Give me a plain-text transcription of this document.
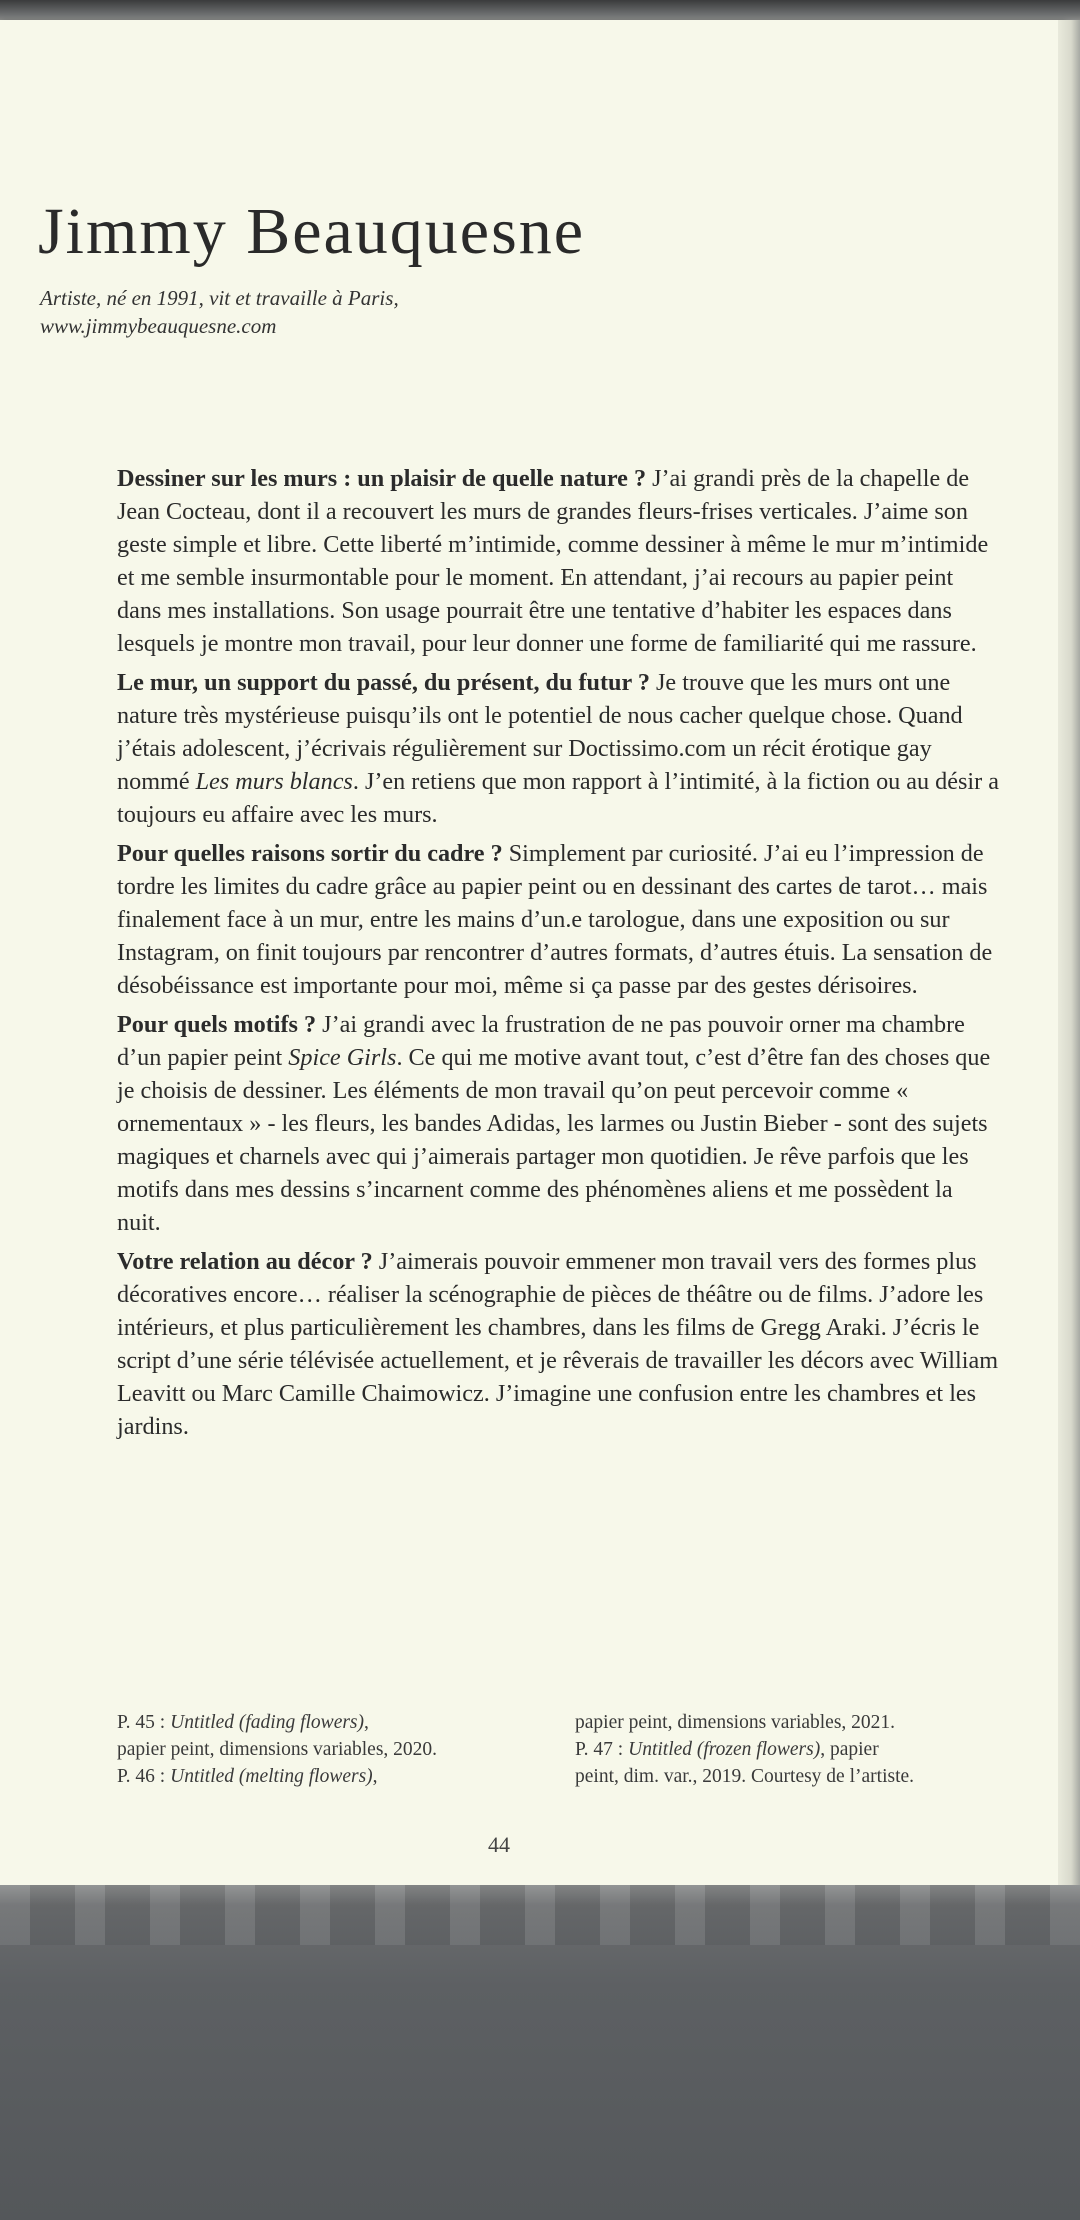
Jimmy Beauquesne
Artiste, né en 1991, vit et travaille à Paris,
www.jimmybeauquesne.com

Dessiner sur les murs : un plaisir de quelle nature ? J’ai grandi près de la chapelle de Jean Cocteau, dont il a recouvert les murs de grandes fleurs-frises verticales. J’aime son geste simple et libre. Cette liberté m’intimide, comme dessiner à même le mur m’intimide et me semble insurmontable pour le moment. En attendant, j’ai recours au papier peint dans mes installations. Son usage pourrait être une tentative d’habiter les espaces dans lesquels je montre mon travail, pour leur donner une forme de familiarité qui me rassure.

Le mur, un support du passé, du présent, du futur ? Je trouve que les murs ont une nature très mystérieuse puisqu’ils ont le potentiel de nous cacher quelque chose. Quand j’étais adolescent, j’écrivais régulièrement sur Doctissimo.com un récit érotique gay nommé Les murs blancs. J’en retiens que mon rapport à l’intimité, à la fiction ou au désir a toujours eu affaire avec les murs.

Pour quelles raisons sortir du cadre ? Simplement par curiosité. J’ai eu l’impression de tordre les limites du cadre grâce au papier peint ou en dessinant des cartes de tarot… mais finalement face à un mur, entre les mains d’un.e tarologue, dans une exposition ou sur Instagram, on finit toujours par rencontrer d’autres formats, d’autres étuis. La sensation de désobéissance est importante pour moi, même si ça passe par des gestes dérisoires.

Pour quels motifs ? J’ai grandi avec la frustration de ne pas pouvoir orner ma chambre d’un papier peint Spice Girls. Ce qui me motive avant tout, c’est d’être fan des choses que je choisis de dessiner. Les éléments de mon travail qu’on peut percevoir comme « ornementaux » - les fleurs, les bandes Adidas, les larmes ou Justin Bieber - sont des sujets magiques et charnels avec qui j’aimerais partager mon quotidien. Je rêve parfois que les motifs dans mes dessins s’incarnent comme des phénomènes aliens et me possèdent la nuit.

Votre relation au décor ? J’aimerais pouvoir emmener mon travail vers des formes plus décoratives encore… réaliser la scénographie de pièces de théâtre ou de films. J’adore les intérieurs, et plus particulièrement les chambres, dans les films de Gregg Araki. J’écris le script d’une série télévisée actuellement, et je rêverais de travailler les décors avec William Leavitt ou Marc Camille Chaimowicz. J’imagine une confusion entre les chambres et les jardins.

P. 45 : Untitled (fading flowers),
papier peint, dimensions variables, 2020.
P. 46 : Untitled (melting flowers),
papier peint, dimensions variables, 2021.
P. 47 : Untitled (frozen flowers), papier
peint, dim. var., 2019. Courtesy de l’artiste.
44
